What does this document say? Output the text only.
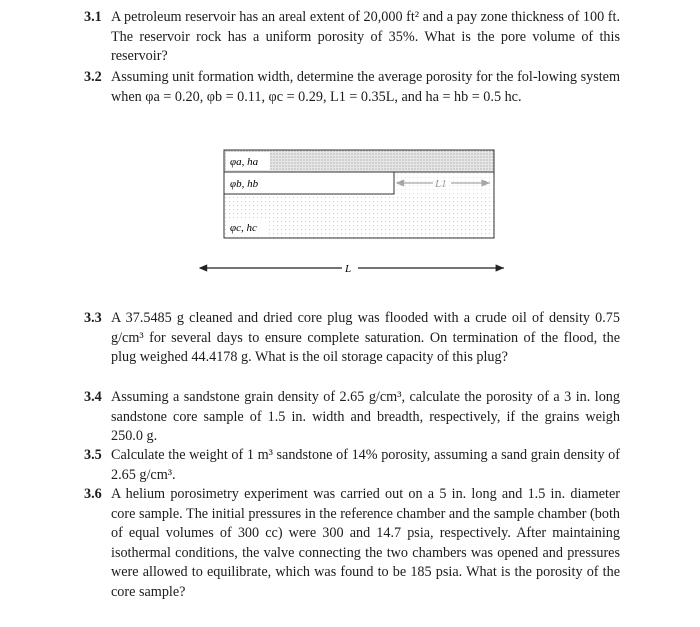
3.1 A petroleum reservoir has an areal extent of 20,000 ft² and a pay zone thickness of 100 ft. The reservoir rock has a uniform porosity of 35%. What is the pore volume of this reservoir?
3.2 Assuming unit formation width, determine the average porosity for the fol-lowing system when φa = 0.20, φb = 0.11, φc = 0.29, L1 = 0.35L, and ha = hb = 0.5 hc.
φa, ha
φb, hb
φc, hc
L
3.3 A 37.5485 g cleaned and dried core plug was flooded with a crude oil of density 0.75 g/cm³ for several days to ensure complete saturation. On termination of the flood, the plug weighed 44.4178 g. What is the oil storage capacity of this plug?
3.4 Assuming a sandstone grain density of 2.65 g/cm³, calculate the porosity of a 3 in. long sandstone core sample of 1.5 in. width and breadth, respectively, if the grains weigh 250.0 g.
3.5 Calculate the weight of 1 m³ sandstone of 14% porosity, assuming a sand grain density of 2.65 g/cm³.
3.6 A helium porosimetry experiment was carried out on a 5 in. long and 1.5 in. diameter core sample. The initial pressures in the reference chamber and the sample chamber (both of equal volumes of 300 cc) were 300 and 14.7 psia, respectively. After maintaining isothermal conditions, the valve connecting the two chambers was opened and pressures were allowed to equilibrate, which was found to be 185 psia. What is the porosity of the core sample?
